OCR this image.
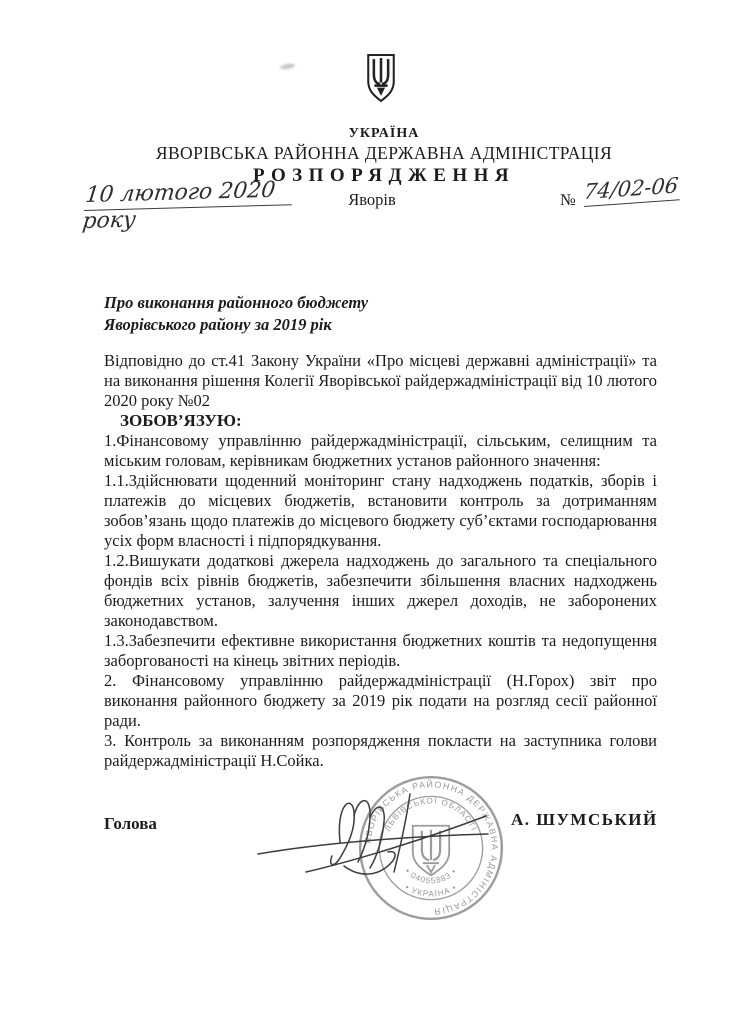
УКРАЇНА
ЯВОРІВСЬКА РАЙОННА ДЕРЖАВНА АДМІНІСТРАЦІЯ
РОЗПОРЯДЖЕННЯ
10 лютого 2020 року
Яворів	№ 74/02-06
Про виконання районного бюджету
Яворівського району за 2019 рік

Відповідно до ст.41 Закону України «Про місцеві державні адміністрації» та на виконання рішення Колегії Яворівської райдержадміністрації від 10 лютого 2020 року №02

ЗОБОВ’ЯЗУЮ:

1.Фінансовому управлінню райдержадміністрації, сільським, селищним та міським головам, керівникам бюджетних установ районного значення:

1.1.Здійснювати щоденний моніторинг стану надходжень податків, зборів і платежів до місцевих бюджетів, встановити контроль за дотриманням зобов’язань щодо платежів до місцевого бюджету суб’єктами господарювання усіх форм власності і підпорядкування.

1.2.Вишукати додаткові джерела надходжень до загального та спеціального фондів всіх рівнів бюджетів, забезпечити збільшення власних надходжень бюджетних установ, залучення інших джерел доходів, не заборонених законодавством.

1.3.Забезпечити ефективне використання бюджетних коштів та недопущення заборгованості на кінець звітних періодів.

2. Фінансовому управлінню райдержадміністрації (Н.Горох) звіт про виконання районного бюджету за 2019 рік подати на розгляд сесії районної ради.

3. Контроль за виконанням розпорядження покласти на заступника голови райдержадміністрації Н.Сойка.

Голова	А. ШУМСЬКИЙ
ЯВОРІВСЬКА РАЙОННА ДЕРЖАВНА АДМІНІСТРАЦІЯ
ЛЬВІВСЬКОЇ ОБЛАСТІ
• УКРАЇНА •
• 04055883 •
